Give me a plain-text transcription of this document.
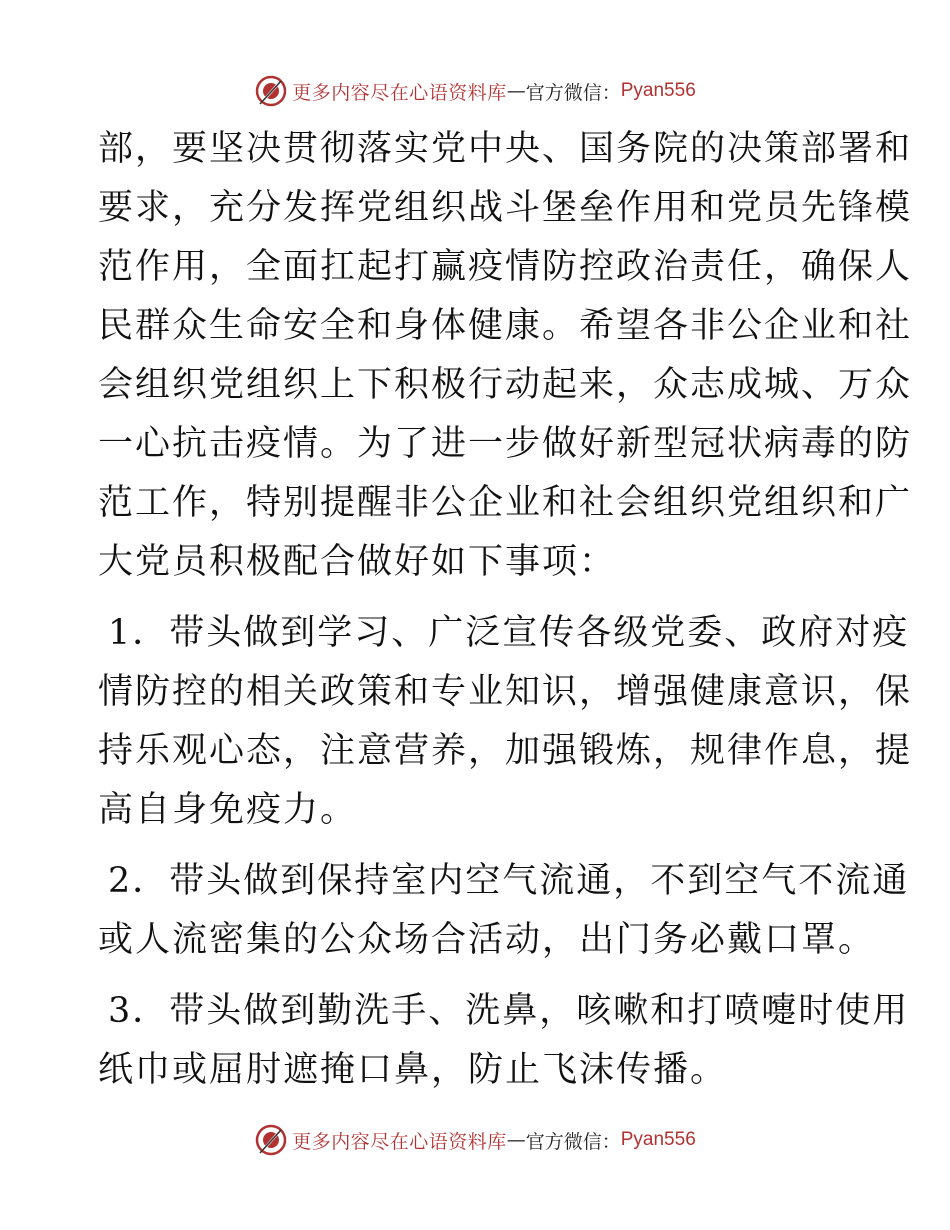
更多内容尽在心语资料库 — 官方微信： Pyan556
部，要坚决贯彻落实党中央、国务院的决策部署和
要求，充分发挥党组织战斗堡垒作用和党员先锋模
范作用，全面扛起打赢疫情防控政治责任，确保人
民群众生命安全和身体健康。希望各非公企业和社
会组织党组织上下积极行动起来，众志成城、万众
一心抗击疫情。为了进一步做好新型冠状病毒的防
范工作，特别提醒非公企业和社会组织党组织和广
大党员积极配合做好如下事项：
1．带头做到学习、广泛宣传各级党委、政府对疫
情防控的相关政策和专业知识，增强健康意识，保
持乐观心态，注意营养，加强锻炼，规律作息，提
高自身免疫力。
2．带头做到保持室内空气流通，不到空气不流通
或人流密集的公众场合活动，出门务必戴口罩。
3．带头做到勤洗手、洗鼻，咳嗽和打喷嚏时使用
纸巾或屈肘遮掩口鼻，防止飞沫传播。
更多内容尽在心语资料库 — 官方微信： Pyan556
